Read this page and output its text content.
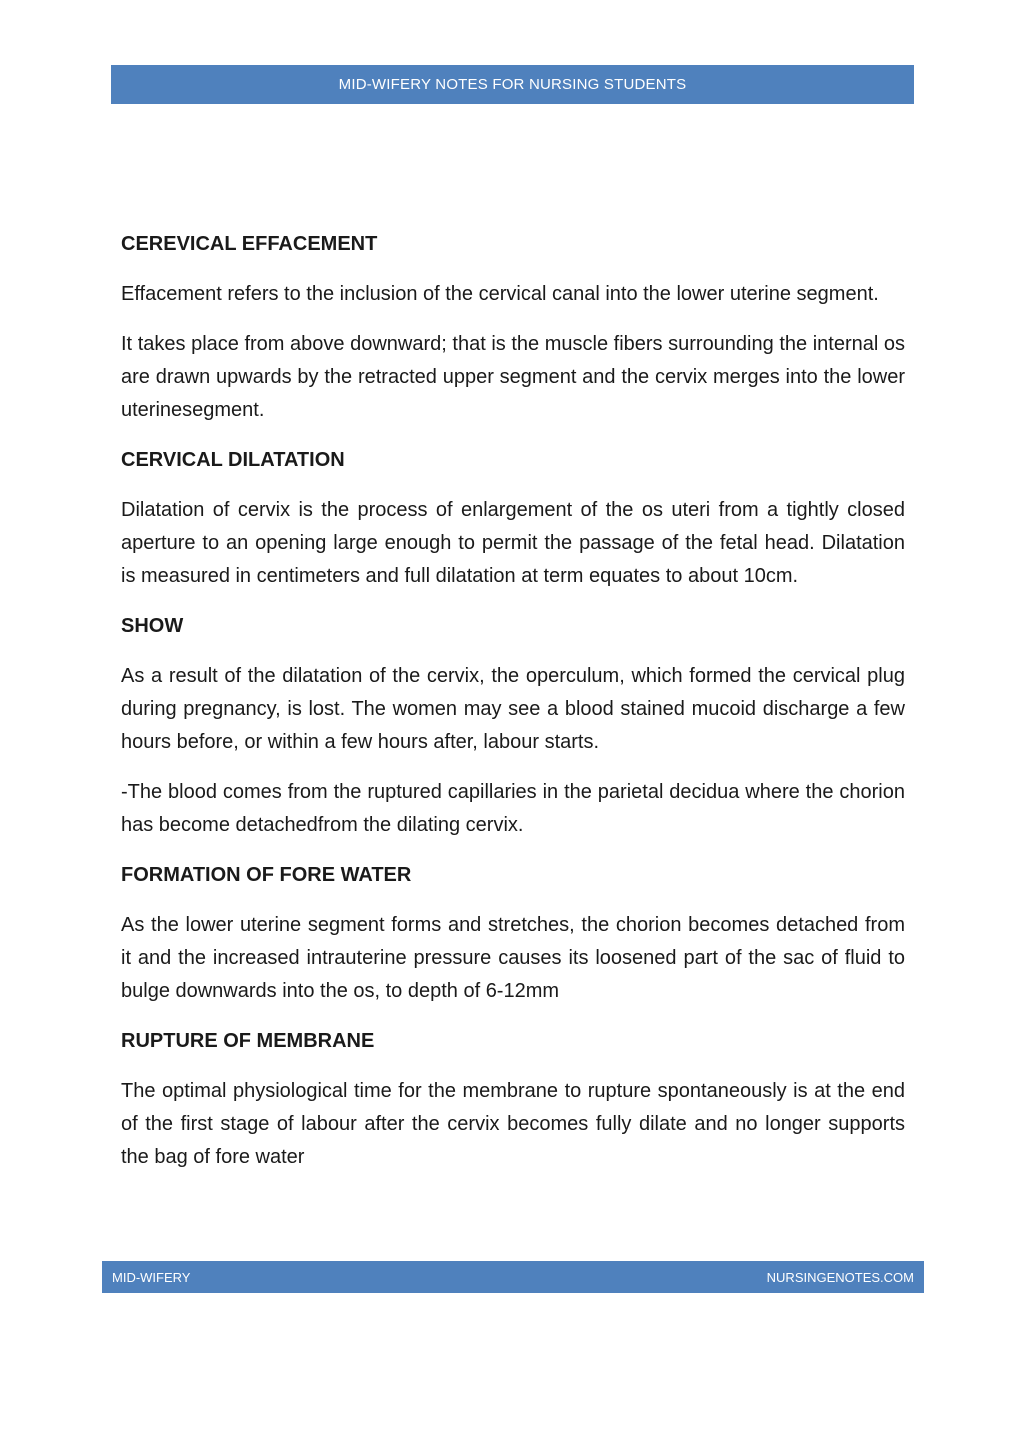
MID-WIFERY NOTES FOR NURSING STUDENTS
CEREVICAL EFFACEMENT

Effacement refers to the inclusion of the cervical canal into the lower uterine segment.

It takes place from above downward; that is the muscle fibers surrounding the internal os are drawn upwards by the retracted upper segment and the cervix merges into the lower uterinesegment.

CERVICAL DILATATION

Dilatation of cervix is the process of enlargement of the os uteri from a tightly closed aperture to an opening large enough to permit the passage of the fetal head. Dilatation is measured in centimeters and full dilatation at term equates to about 10cm.

SHOW

As a result of the dilatation of the cervix, the operculum, which formed the cervical plug during pregnancy, is lost. The women may see a blood stained mucoid discharge a few hours before, or within a few hours after, labour starts.

-The blood comes from the ruptured capillaries in the parietal decidua where the chorion has become detachedfrom the dilating cervix.

FORMATION OF FORE WATER

As the lower uterine segment forms and stretches, the chorion becomes detached from it and the increased intrauterine pressure causes its loosened part of the sac of fluid to bulge downwards into the os, to depth of 6-12mm

RUPTURE OF MEMBRANE

The optimal physiological time for the membrane to rupture spontaneously is at the end of the first stage of labour after the cervix becomes fully dilate and no longer supports the bag of fore water

MID-WIFERY	NURSINGENOTES.COM
